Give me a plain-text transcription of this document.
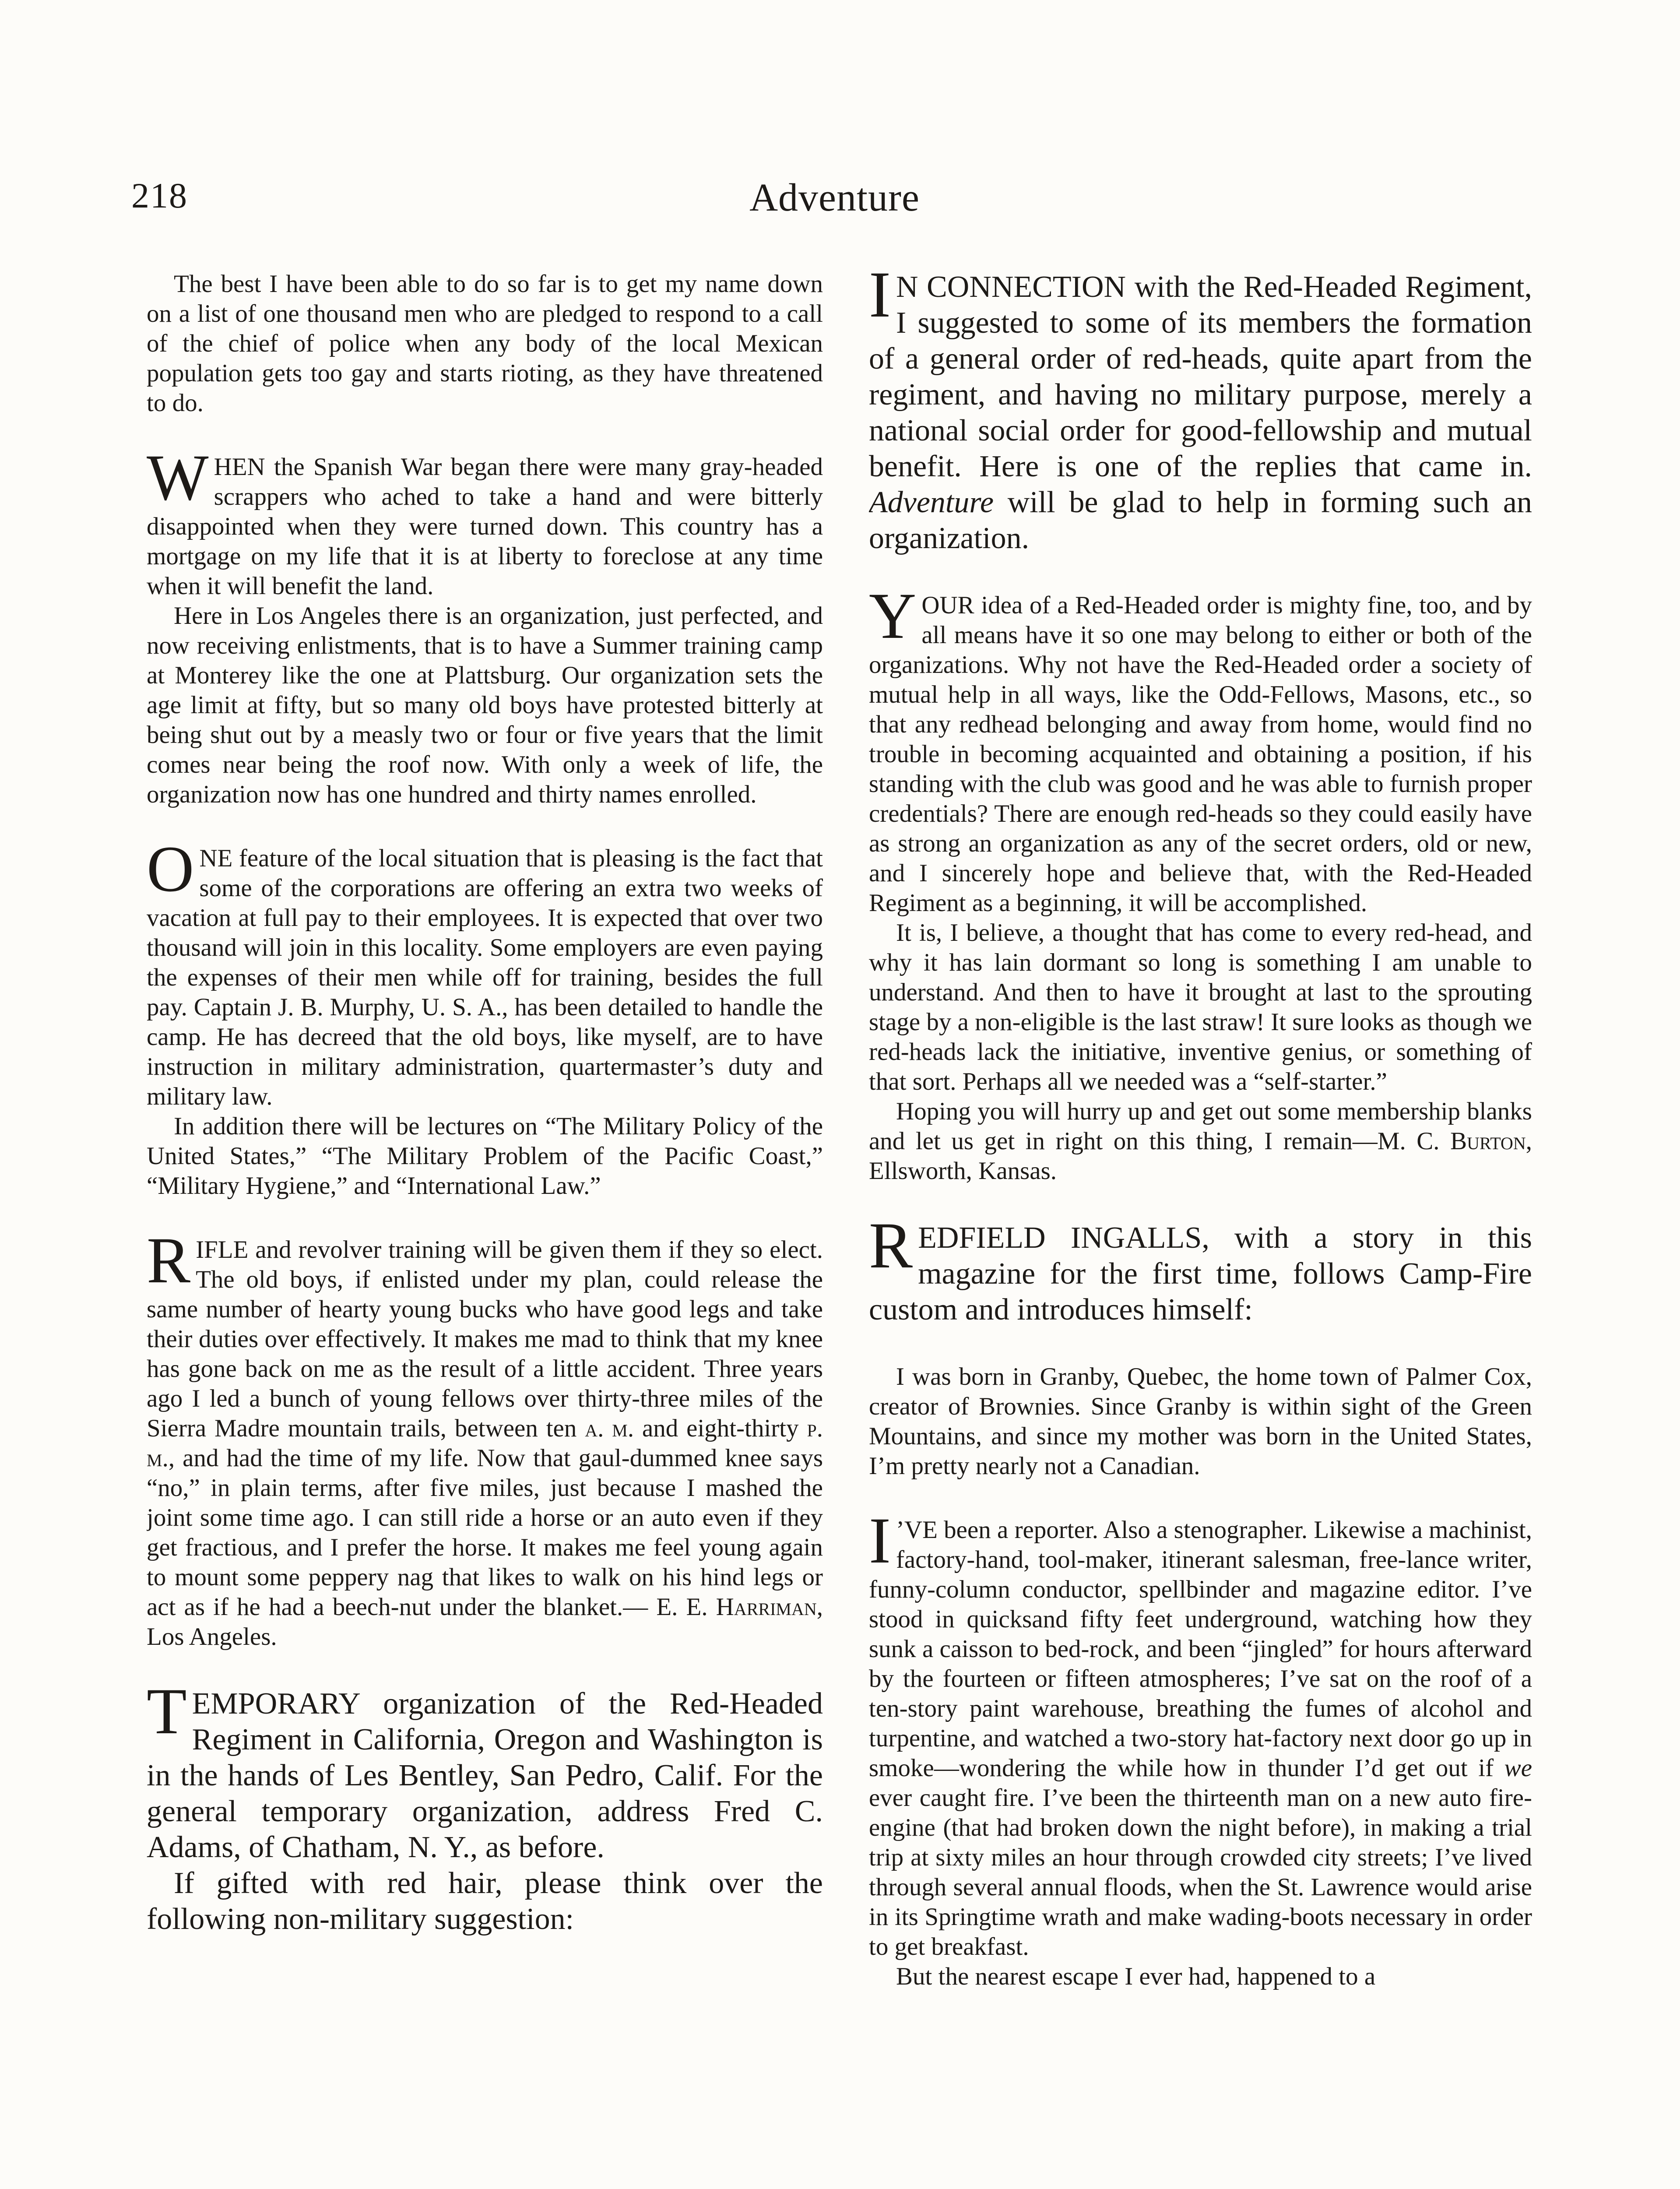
218	Adventure

The best I have been able to do so far is to get my name down on a list of one thousand men who are pledged to respond to a call of the chief of police when any body of the local Mexican population gets too gay and starts rioting, as they have threatened to do.

WHEN the Spanish War began there were many gray-headed scrappers who ached to take a hand and were bitterly disappointed when they were turned down. This country has a mortgage on my life that it is at liberty to foreclose at any time when it will benefit the land.

Here in Los Angeles there is an organization, just perfected, and now receiving enlistments, that is to have a Summer training camp at Monterey like the one at Plattsburg. Our organization sets the age limit at fifty, but so many old boys have protested bitterly at being shut out by a measly two or four or five years that the limit comes near being the roof now. With only a week of life, the organization now has one hundred and thirty names enrolled.

ONE feature of the local situation that is pleasing is the fact that some of the corporations are offering an extra two weeks of vacation at full pay to their employees. It is expected that over two thousand will join in this locality. Some employers are even paying the expenses of their men while off for training, besides the full pay. Captain J. B. Murphy, U. S. A., has been detailed to handle the camp. He has decreed that the old boys, like myself, are to have instruction in military administration, quartermaster’s duty and military law.

In addition there will be lectures on “The Military Policy of the United States,” “The Military Problem of the Pacific Coast,” “Military Hygiene,” and “International Law.”

RIFLE and revolver training will be given them if they so elect. The old boys, if enlisted under my plan, could release the same number of hearty young bucks who have good legs and take their duties over effectively. It makes me mad to think that my knee has gone back on me as the result of a little accident. Three years ago I led a bunch of young fellows over thirty-three miles of the Sierra Madre mountain trails, between ten a. m. and eight-thirty p. m., and had the time of my life. Now that gaul-dummed knee says “no,” in plain terms, after five miles, just because I mashed the joint some time ago. I can still ride a horse or an auto even if they get fractious, and I prefer the horse. It makes me feel young again to mount some peppery nag that likes to walk on his hind legs or act as if he had a beech-nut under the blanket.— E. E. Harriman, Los Angeles.

TEMPORARY organization of the Red-Headed Regiment in California, Oregon and Washington is in the hands of Les Bentley, San Pedro, Calif. For the general temporary organization, address Fred C. Adams, of Chatham, N. Y., as before.

If gifted with red hair, please think over the following non-military suggestion:

I N CONNECTION with the Red-Headed Regiment, I suggested to some of its members the formation of a general order of red-heads, quite apart from the regiment, and having no military purpose, merely a national social order for good-fellowship and mutual benefit. Here is one of the replies that came in. Adventure will be glad to help in forming such an organization.

YOUR idea of a Red-Headed order is mighty fine, too, and by all means have it so one may belong to either or both of the organizations. Why not have the Red-Headed order a society of mutual help in all ways, like the Odd-Fellows, Masons, etc., so that any redhead belonging and away from home, would find no trouble in becoming acquainted and obtaining a position, if his standing with the club was good and he was able to furnish proper credentials? There are enough red-heads so they could easily have as strong an organization as any of the secret orders, old or new, and I sincerely hope and believe that, with the Red-Headed Regiment as a beginning, it will be accomplished.

It is, I believe, a thought that has come to every red-head, and why it has lain dormant so long is something I am unable to understand. And then to have it brought at last to the sprouting stage by a non-eligible is the last straw! It sure looks as though we red-heads lack the initiative, inventive genius, or something of that sort. Perhaps all we needed was a “self-starter.”

Hoping you will hurry up and get out some membership blanks and let us get in right on this thing, I remain—M. C. Burton, Ellsworth, Kansas.

REDFIELD INGALLS, with a story in this magazine for the first time, follows Camp-Fire custom and introduces himself:

I was born in Granby, Quebec, the home town of Palmer Cox, creator of Brownies. Since Granby is within sight of the Green Mountains, and since my mother was born in the United States, I’m pretty nearly not a Canadian.

I ’VE been a reporter. Also a stenographer. Likewise a machinist, factory-hand, tool-maker, itinerant salesman, free-lance writer, funny-column conductor, spellbinder and magazine editor. I’ve stood in quicksand fifty feet underground, watching how they sunk a caisson to bed-rock, and been “jingled” for hours afterward by the fourteen or fifteen atmospheres; I’ve sat on the roof of a ten-story paint warehouse, breathing the fumes of alcohol and turpentine, and watched a two-story hat-factory next door go up in smoke—wondering the while how in thunder I’d get out if we ever caught fire. I’ve been the thirteenth man on a new auto fire-engine (that had broken down the night before), in making a trial trip at sixty miles an hour through crowded city streets; I’ve lived through several annual floods, when the St. Lawrence would arise in its Springtime wrath and make wading-boots necessary in order to get breakfast.

But the nearest escape I ever had, happened to a
